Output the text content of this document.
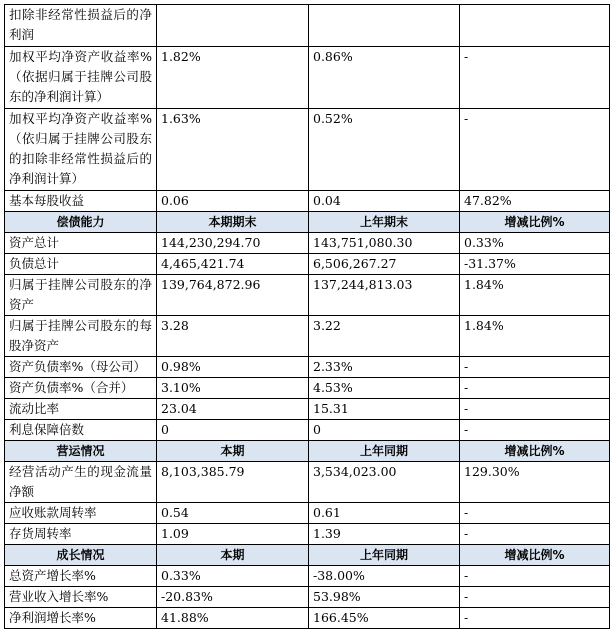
扣除非经常性损益后的净利润			
加权平均净资产收益率%（依据归属于挂牌公司股东的净利润计算）	1.82%	0.86%	-
加权平均净资产收益率%（依归属于挂牌公司股东的扣除非经常性损益后的净利润计算）	1.63%	0.52%	-
基本每股收益	0.06	0.04	47.82%
偿债能力	本期期末	上年期末	增减比例%
资产总计	144,230,294.70	143,751,080.30	0.33%
负债总计	4,465,421.74	6,506,267.27	-31.37%
归属于挂牌公司股东的净资产	139,764,872.96	137,244,813.03	1.84%
归属于挂牌公司股东的每股净资产	3.28	3.22	1.84%
资产负债率%（母公司）	0.98%	2.33%	-
资产负债率%（合并）	3.10%	4.53%	-
流动比率	23.04	15.31	-
利息保障倍数	0	0	-
营运情况	本期	上年同期	增减比例%
经营活动产生的现金流量净额	8,103,385.79	3,534,023.00	129.30%
应收账款周转率	0.54	0.61	-
存货周转率	1.09	1.39	-
成长情况	本期	上年同期	增减比例%
总资产增长率%	0.33%	-38.00%	-
营业收入增长率%	-20.83%	53.98%	-
净利润增长率%	41.88%	166.45%	-
